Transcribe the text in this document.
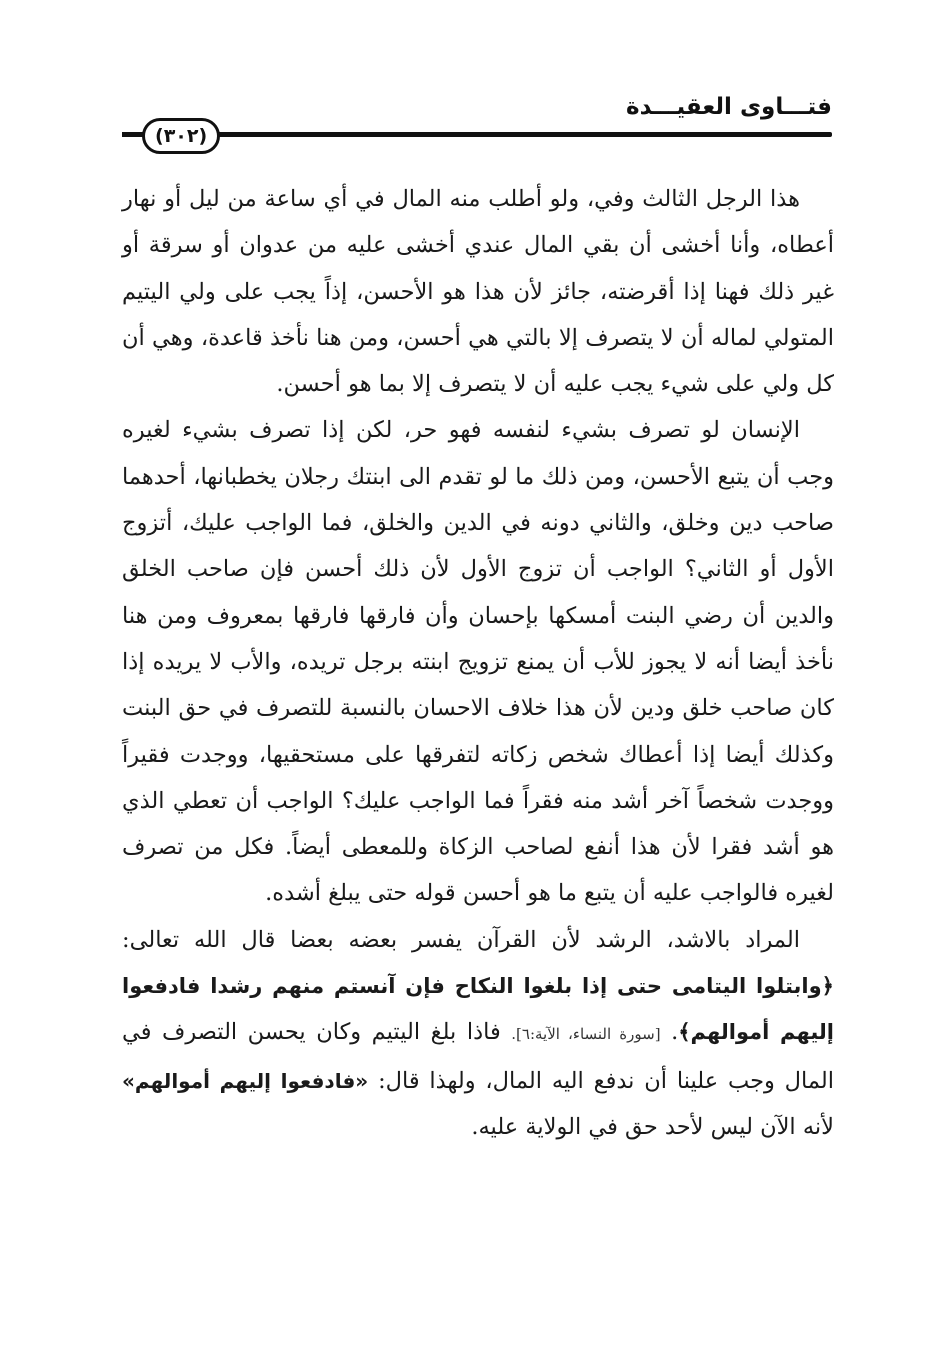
فتـــاوى العقيـــدة
(٣٠٢)

هذا الرجل الثالث وفي، ولو أطلب منه المال في أي ساعة من ليل أو نهار أعطاه، وأنا أخشى أن بقي المال عندي أخشى عليه من عدوان أو سرقة أو غير ذلك فهنا إذا أقرضته، جائز لأن هذا هو الأحسن، إذاً يجب على ولي اليتيم المتولي لماله أن لا يتصرف إلا بالتي هي أحسن، ومن هنا نأخذ قاعدة، وهي أن كل ولي على شيء يجب عليه أن لا يتصرف إلا بما هو أحسن.

الإنسان لو تصرف بشيء لنفسه فهو حر، لكن إذا تصرف بشيء لغيره وجب أن يتبع الأحسن، ومن ذلك ما لو تقدم الى ابنتك رجلان يخطبانها، أحدهما صاحب دين وخلق، والثاني دونه في الدين والخلق، فما الواجب عليك، أتزوج الأول أو الثاني؟ الواجب أن تزوج الأول لأن ذلك أحسن فإن صاحب الخلق والدين أن رضي البنت أمسكها بإحسان وأن فارقها فارقها بمعروف ومن هنا نأخذ أيضا أنه لا يجوز للأب أن يمنع تزويج ابنته برجل تريده، والأب لا يريده إذا كان صاحب خلق ودين لأن هذا خلاف الاحسان بالنسبة للتصرف في حق البنت وكذلك أيضا إذا أعطاك شخص زكاته لتفرقها على مستحقيها، ووجدت فقيراً ووجدت شخصاً آخر أشد منه فقراً فما الواجب عليك؟ الواجب أن تعطي الذي هو أشد فقرا لأن هذا أنفع لصاحب الزكاة وللمعطى أيضاً. فكل من تصرف لغيره فالواجب عليه أن يتبع ما هو أحسن قوله حتى يبلغ أشده.

المراد بالاشد، الرشد لأن القرآن يفسر بعضه بعضا قال الله تعالى: ﴿وابتلوا اليتامى حتى إذا بلغوا النكاح فإن آنستم منهم رشدا فادفعوا إليهم أموالهم﴾. [سورة النساء، الآية:٦]. فاذا بلغ اليتيم وكان يحسن التصرف في المال وجب علينا أن ندفع اليه المال، ولهذا قال: «فادفعوا إليهم أموالهم» لأنه الآن ليس لأحد حق في الولاية عليه.
